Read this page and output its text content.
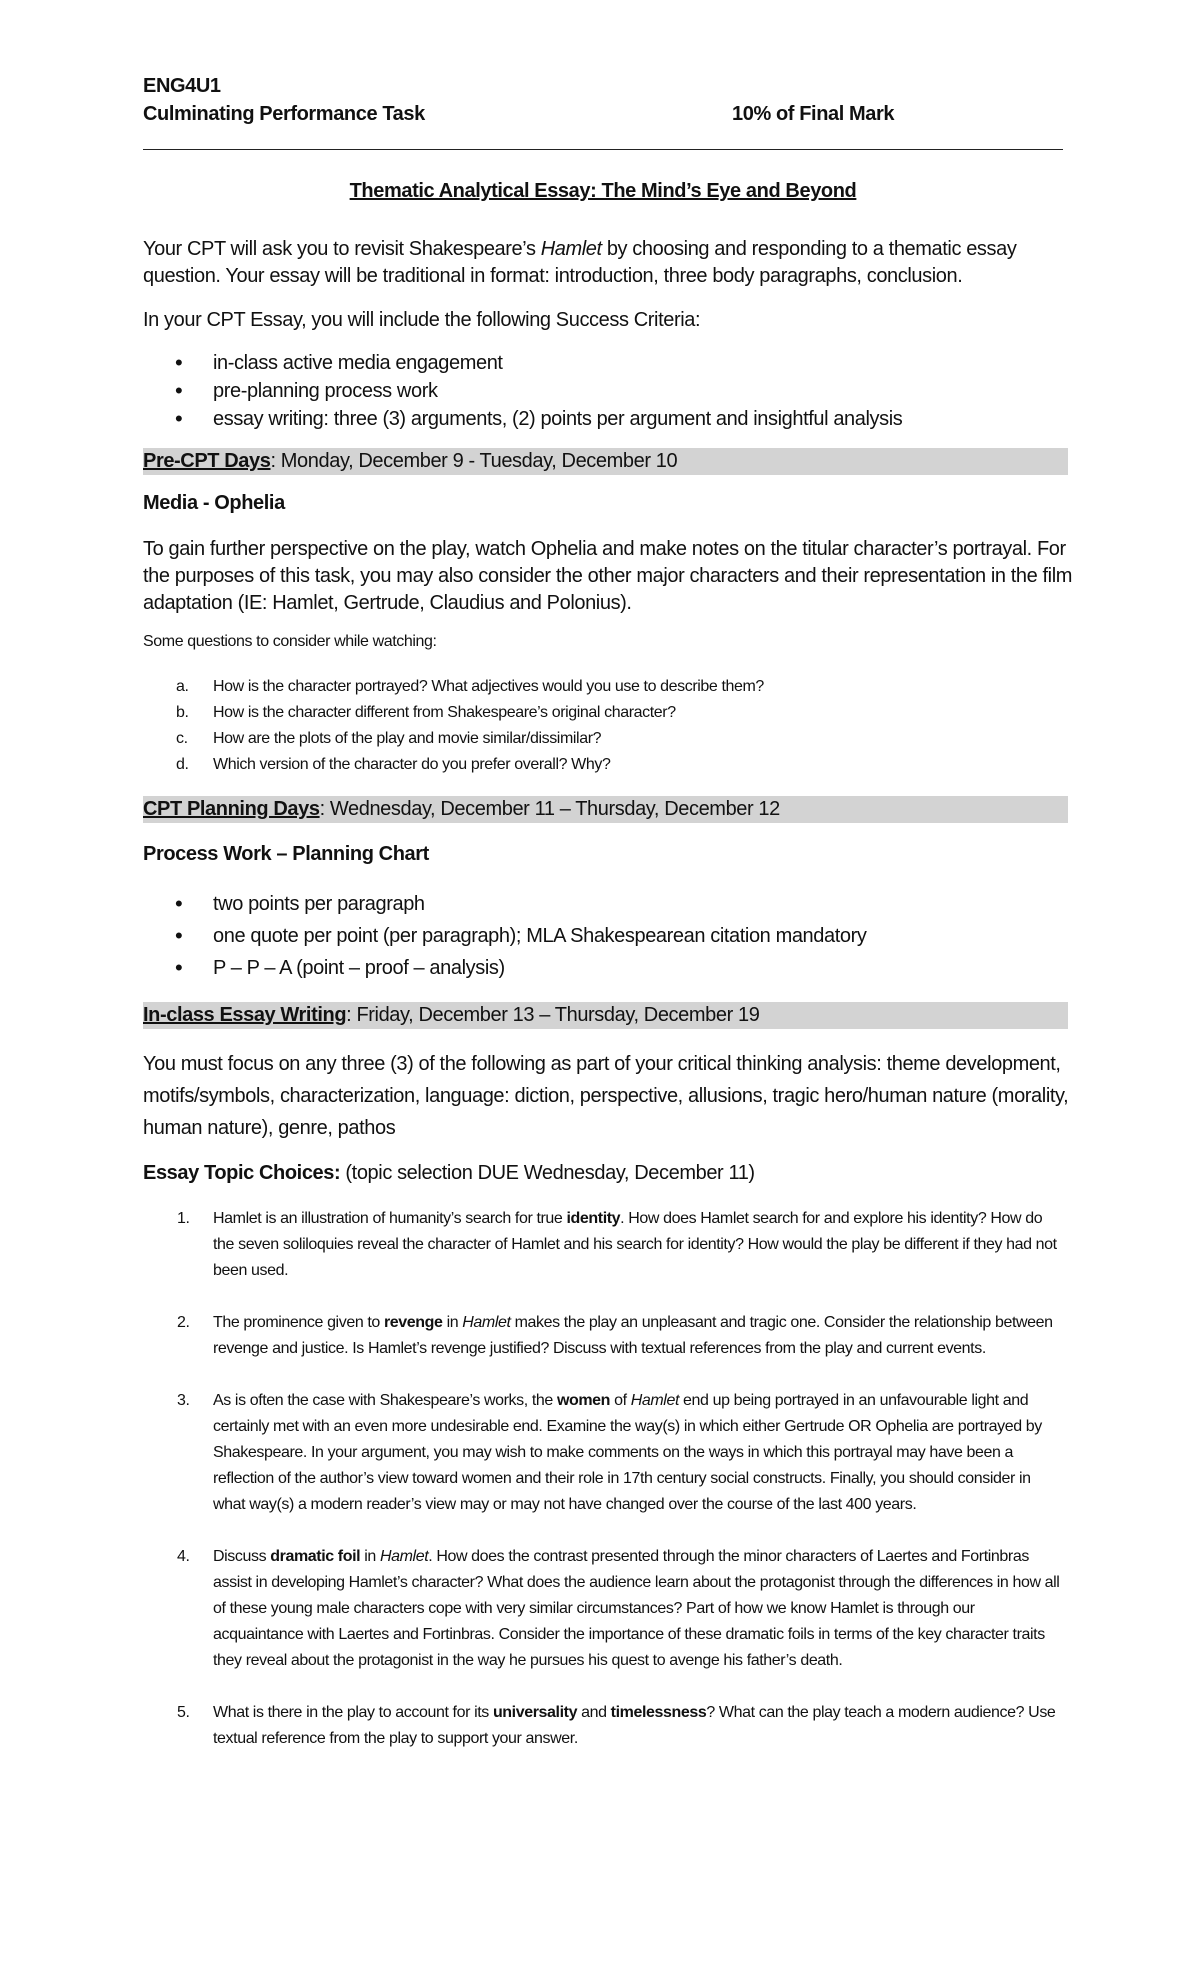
ENG4U1
Culminating Performance Task	10% of Final Mark
Thematic Analytical Essay: The Mind’s Eye and Beyond
Your CPT will ask you to revisit Shakespeare’s Hamlet by choosing and responding to a thematic essay question. Your essay will be traditional in format: introduction, three body paragraphs, conclusion.
In your CPT Essay, you will include the following Success Criteria:
• in-class active media engagement
• pre-planning process work
• essay writing: three (3) arguments, (2) points per argument and insightful analysis
Pre-CPT Days: Monday, December 9 - Tuesday, December 10
Media - Ophelia
To gain further perspective on the play, watch Ophelia and make notes on the titular character’s portrayal. For the purposes of this task, you may also consider the other major characters and their representation in the film adaptation (IE: Hamlet, Gertrude, Claudius and Polonius).
Some questions to consider while watching:
a. How is the character portrayed? What adjectives would you use to describe them?
b. How is the character different from Shakespeare’s original character?
c. How are the plots of the play and movie similar/dissimilar?
d. Which version of the character do you prefer overall? Why?
CPT Planning Days: Wednesday, December 11 – Thursday, December 12
Process Work – Planning Chart
• two points per paragraph
• one quote per point (per paragraph); MLA Shakespearean citation mandatory
• P – P – A (point – proof – analysis)
In-class Essay Writing: Friday, December 13 – Thursday, December 19
You must focus on any three (3) of the following as part of your critical thinking analysis: theme development, motifs/symbols, characterization, language: diction, perspective, allusions, tragic hero/human nature (morality, human nature), genre, pathos
Essay Topic Choices: (topic selection DUE Wednesday, December 11)
1. Hamlet is an illustration of humanity’s search for true identity. How does Hamlet search for and explore his identity? How do the seven soliloquies reveal the character of Hamlet and his search for identity? How would the play be different if they had not been used.
2. The prominence given to revenge in Hamlet makes the play an unpleasant and tragic one. Consider the relationship between revenge and justice. Is Hamlet’s revenge justified? Discuss with textual references from the play and current events.
3. As is often the case with Shakespeare’s works, the women of Hamlet end up being portrayed in an unfavourable light and certainly met with an even more undesirable end. Examine the way(s) in which either Gertrude OR Ophelia are portrayed by Shakespeare. In your argument, you may wish to make comments on the ways in which this portrayal may have been a reflection of the author’s view toward women and their role in 17th century social constructs. Finally, you should consider in what way(s) a modern reader’s view may or may not have changed over the course of the last 400 years.
4. Discuss dramatic foil in Hamlet. How does the contrast presented through the minor characters of Laertes and Fortinbras assist in developing Hamlet’s character? What does the audience learn about the protagonist through the differences in how all of these young male characters cope with very similar circumstances? Part of how we know Hamlet is through our acquaintance with Laertes and Fortinbras. Consider the importance of these dramatic foils in terms of the key character traits they reveal about the protagonist in the way he pursues his quest to avenge his father’s death.
5. What is there in the play to account for its universality and timelessness? What can the play teach a modern audience? Use textual reference from the play to support your answer.
